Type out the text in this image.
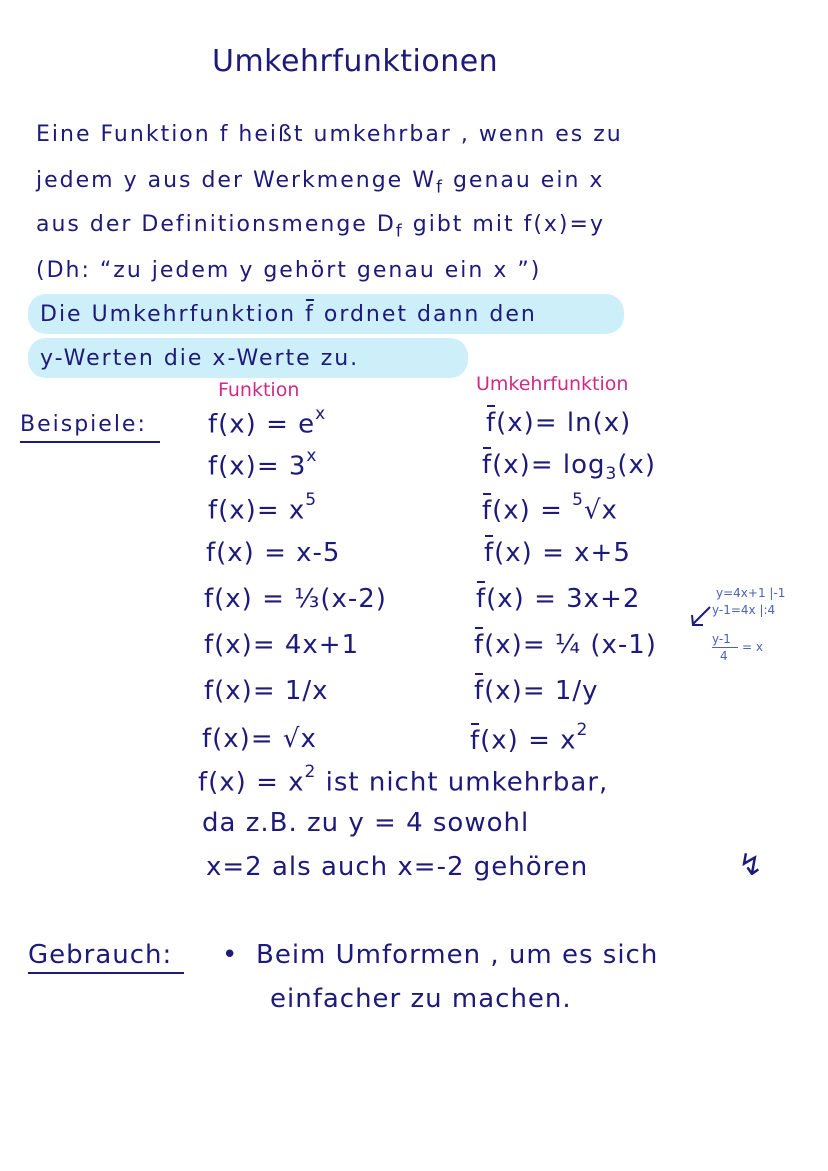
Umkehrfunktionen
Eine Funktion f heißt umkehrbar , wenn es zu
jedem y aus der Werkmenge $W_f$ genau ein x
aus der Definitionsmenge $D_f$ gibt mit f(x)=y
(Dh: “zu jedem y gehört genau ein x ”)
Die Umkehrfunktion f ordnet dann den
y-Werten die x-Werte zu.
Funktion	Umkehrfunktion
Beispiele: $f(x) = e^x$
$f(x)= 3^x$
$f(x)= x^5$
f(x) = x-5
f(x) = ⅓(x-2)
f(x)= 4x+1
f(x)= 1/x
f(x)= √x
f(x)= ln(x)
$f(x)= \log_3(x)$
f(x) = $^5$√x
f(x) = x+5
f(x) = 3x+2
f(x)= ¼ (x-1)
f(x)= 1/y
$f(x) = x^2$
y=4x+1 |-1
y-1=4x |:4
y-1
4
= x
$f(x) = x^2$ ist nicht umkehrbar,
da z.B. zu y = 4 sowohl
x=2 als auch x=-2 gehören	↯
Gebrauch: • Beim Umformen , um es sich
einfacher zu machen.
